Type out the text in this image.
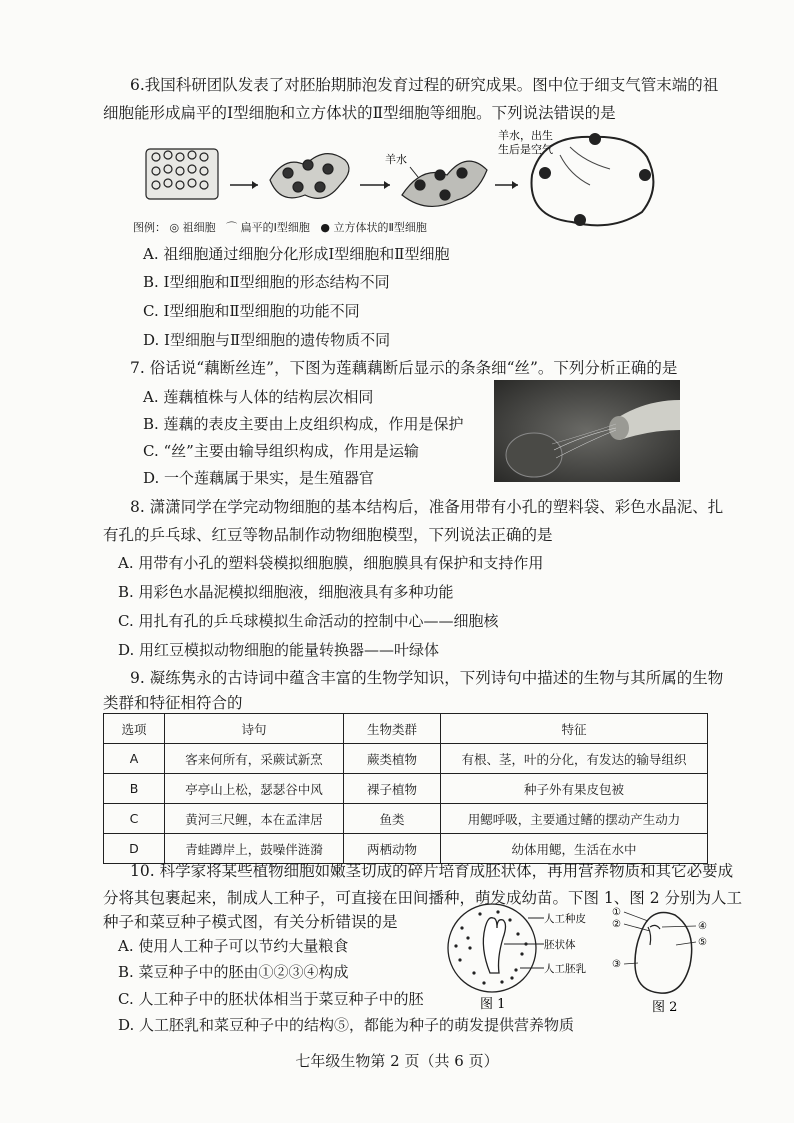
6.我国科研团队发表了对胚胎期肺泡发育过程的研究成果。图中位于细支气管末端的祖
细胞能形成扁平的Ⅰ型细胞和立方体状的Ⅱ型细胞等细胞。下列说法错误的是
羊水
羊水，出生
生后是空气
图例： ◎ 祖细胞 ⌒ 扁平的Ⅰ型细胞 ● 立方体状的Ⅱ型细胞
A. 祖细胞通过细胞分化形成Ⅰ型细胞和Ⅱ型细胞
B. Ⅰ型细胞和Ⅱ型细胞的形态结构不同
C. Ⅰ型细胞和Ⅱ型细胞的功能不同
D. Ⅰ型细胞与Ⅱ型细胞的遗传物质不同
7. 俗话说“藕断丝连”，下图为莲藕藕断后显示的条条细“丝”。下列分析正确的是
A. 莲藕植株与人体的结构层次相同
B. 莲藕的表皮主要由上皮组织构成，作用是保护
C. “丝”主要由输导组织构成，作用是运输
D. 一个莲藕属于果实，是生殖器官
8. 潇潇同学在学完动物细胞的基本结构后，准备用带有小孔的塑料袋、彩色水晶泥、扎
有孔的乒乓球、红豆等物品制作动物细胞模型，下列说法正确的是
A. 用带有小孔的塑料袋模拟细胞膜，细胞膜具有保护和支持作用
B. 用彩色水晶泥模拟细胞液，细胞液具有多种功能
C. 用扎有孔的乒乓球模拟生命活动的控制中心——细胞核
D. 用红豆模拟动物细胞的能量转换器——叶绿体
9. 凝练隽永的古诗词中蕴含丰富的生物学知识，下列诗句中描述的生物与其所属的生物
类群和特征相符合的
选项	诗句	生物类群	特征
A	客来何所有，采蕨试新烹	蕨类植物	有根、茎，叶的分化，有发达的输导组织
B	亭亭山上松，瑟瑟谷中风	裸子植物	种子外有果皮包被
C	黄河三尺鲤，本在孟津居	鱼类	用鳃呼吸，主要通过鳍的摆动产生动力
D	青蛙蹲岸上，鼓噪伴涟漪	两栖动物	幼体用鳃，生活在水中
10. 科学家将某些植物细胞如嫩茎切成的碎片培育成胚状体，再用营养物质和其它必要成
分将其包裹起来，制成人工种子，可直接在田间播种，萌发成幼苗。下图 1、图 2 分别为人工
种子和菜豆种子模式图，有关分析错误的是
A. 使用人工种子可以节约大量粮食
B. 菜豆种子中的胚由①②③④构成
C. 人工种子中的胚状体相当于菜豆种子中的胚
D. 人工胚乳和菜豆种子中的结构⑤，都能为种子的萌发提供营养物质
人工种皮
胚状体
人工胚乳
图 1
①
②
③
④
⑤
图 2
七年级生物第 2 页（共 6 页）
